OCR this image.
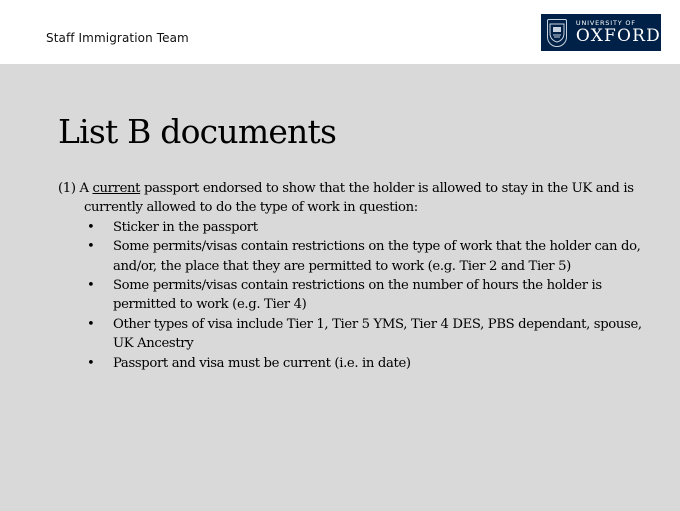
Staff Immigration Team
UNIVERSITY OF
OXFORD
List B documents
(1) A current passport endorsed to show that the holder is allowed to stay in the UK and is currently allowed to do the type of work in question:
• Sticker in the passport
• Some permits/visas contain restrictions on the type of work that the holder can do, and/or, the place that they are permitted to work (e.g. Tier 2 and Tier 5)
• Some permits/visas contain restrictions on the number of hours the holder is permitted to work (e.g. Tier 4)
• Other types of visa include Tier 1, Tier 5 YMS, Tier 4 DES, PBS dependant, spouse, UK Ancestry
• Passport and visa must be current (i.e. in date)
